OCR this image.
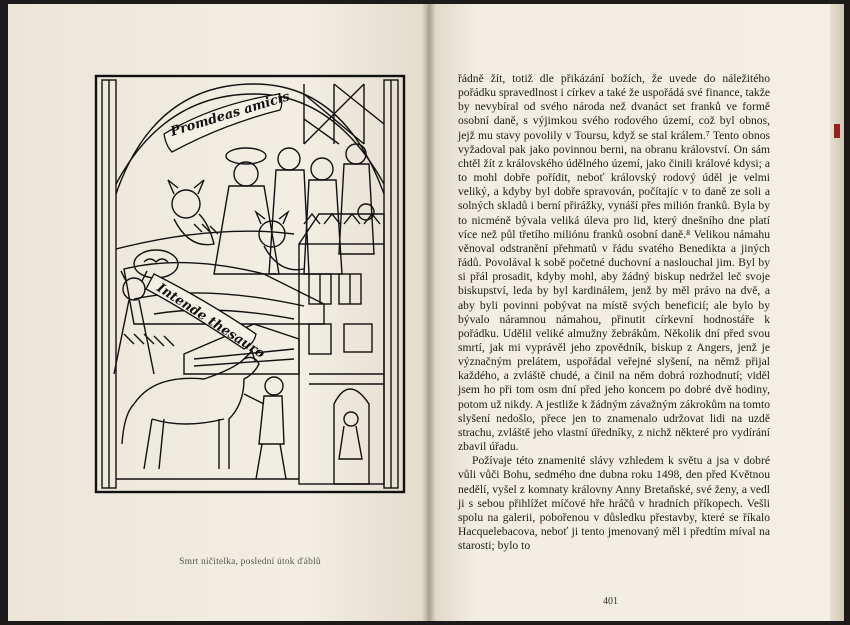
Promdeas amicis
Intende thesauro
Smrt ničitelka, poslední útok ďáblů

řádně žít, totiž dle přikázání božích, že uvede do náležitého pořádku spravedlnost i církev a také že uspořádá své finance, takže by nevybíral od svého národa než dvanáct set franků ve formě osobní daně, s výjimkou svého rodového území, což byl obnos, jejž mu stavy povolily v Toursu, když se stal králem.⁷ Tento obnos vyžadoval pak jako povinnou berni, na obranu království. On sám chtěl žít z královského údělného území, jako činili králové kdysi; a to mohl dobře pořídit, neboť královský rodový úděl je velmi veliký, a kdyby byl dobře spravován, počítajíc v to daně ze soli a solných skladů i berní přirážky, vynáší přes milión franků. Byla by to nicméně bývala veliká úleva pro lid, který dnešního dne platí více než půl třetího miliónu franků osobní daně.⁸ Velikou námahu věnoval odstranění přehmatů v řádu svatého Benedikta a jiných řádů. Povolával k sobě početné duchovní a naslouchal jim. Byl by si přál prosadit, kdyby mohl, aby žádný biskup nedržel leč svoje biskupství, leda by byl kardinálem, jenž by měl právo na dvě, a aby byli povinni pobývat na místě svých beneficií; ale bylo by bývalo náramnou námahou, přinutit církevní hodnostáře k pořádku. Udělil veliké almužny žebrákům. Několik dní před svou smrtí, jak mi vyprávěl jeho zpovědník, biskup z Angers, jenž je význačným prelátem, uspořádal veřejné slyšení, na němž přijal každého, a zvláště chudé, a činil na něm dobrá rozhodnutí; viděl jsem ho při tom osm dní před jeho koncem po dobré dvě hodiny, potom už nikdy. A jestliže k žádným závažným zákrokům na tomto slyšení nedošlo, přece jen to znamenalo udržovat lidi na uzdě strachu, zvláště jeho vlastní úředníky, z nichž některé pro vydírání zbavil úřadu.

Požívaje této znamenité slávy vzhledem k světu a jsa v dobré vůli vůči Bohu, sedmého dne dubna roku 1498, den před Květnou nedělí, vyšel z komnaty královny Anny Bretaňské, své ženy, a vedl ji s sebou přihlížet míčové hře hráčů v hradních příkopech. Vešli spolu na galerii, pobořenou v důsledku přestavby, které se říkalo Hacquelebacova, neboť ji tento jmenovaný měl i předtím míval na starosti; bylo to

401
